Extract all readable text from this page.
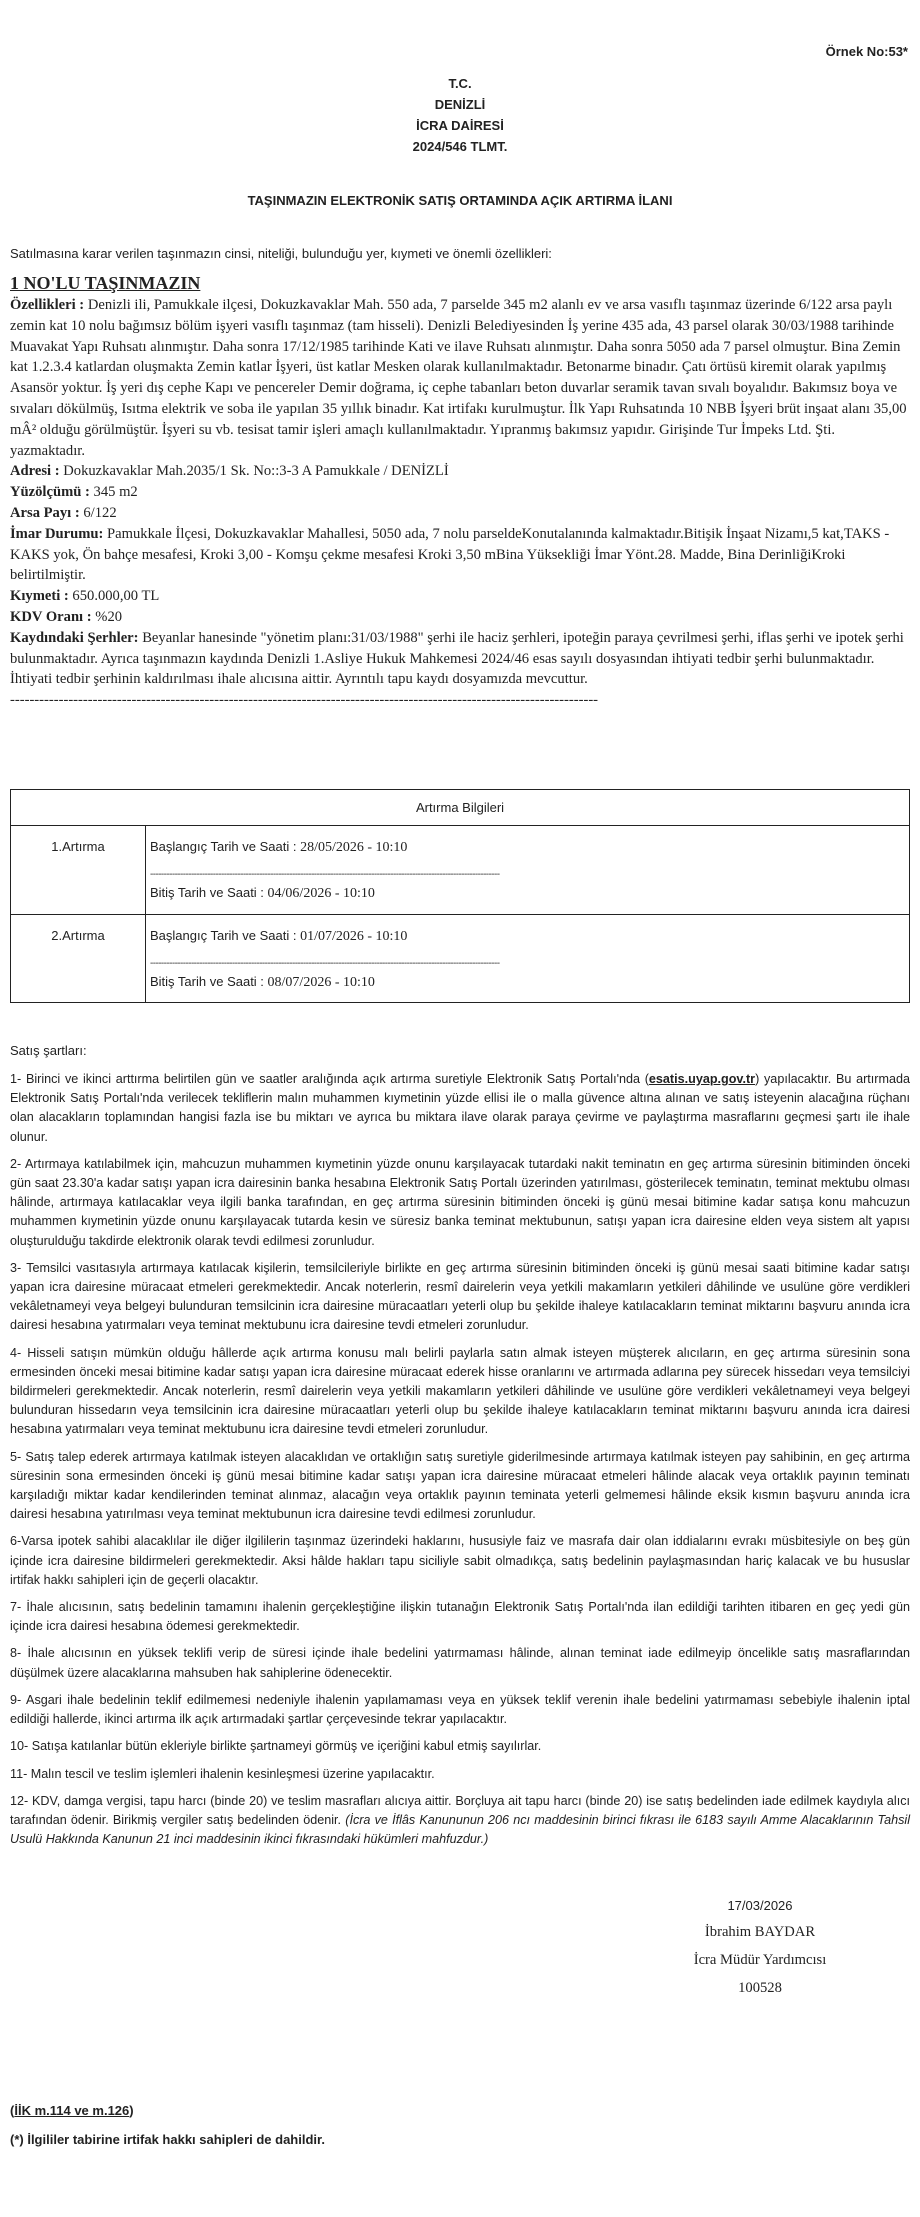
Örnek No:53*
T.C.
DENİZLİ
İCRA DAİRESİ
2024/546 TLMT.
TAŞINMAZIN ELEKTRONİK SATIŞ ORTAMINDA AÇIK ARTIRMA İLANI
Satılmasına karar verilen taşınmazın cinsi, niteliği, bulunduğu yer, kıymeti ve önemli özellikleri:
1 NO'LU TAŞINMAZIN
Özellikleri : Denizli ili, Pamukkale ilçesi, Dokuzkavaklar Mah. 550 ada, 7 parselde 345 m2 alanlı ev ve arsa vasıflı taşınmaz üzerinde 6/122 arsa paylı zemin kat 10 nolu bağımsız bölüm işyeri vasıflı taşınmaz (tam hisseli). Denizli Belediyesinden İş yerine 435 ada, 43 parsel olarak 30/03/1988 tarihinde Muavakat Yapı Ruhsatı alınmıştır. Daha sonra 17/12/1985 tarihinde Kati ve ilave Ruhsatı alınmıştır. Daha sonra 5050 ada 7 parsel olmuştur. Bina Zemin kat 1.2.3.4 katlardan oluşmakta Zemin katlar İşyeri, üst katlar Mesken olarak kullanılmaktadır. Betonarme binadır. Çatı örtüsü kiremit olarak yapılmış Asansör yoktur. İş yeri dış cephe Kapı ve pencereler Demir doğrama, iç cephe tabanları beton duvarlar seramik tavan sıvalı boyalıdır. Bakımsız boya ve sıvaları dökülmüş, Isıtma elektrik ve soba ile yapılan 35 yıllık binadır. Kat irtifakı kurulmuştur. İlk Yapı Ruhsatında 10 NBB İşyeri brüt inşaat alanı 35,00 mÂ² olduğu görülmüştür. İşyeri su vb. tesisat tamir işleri amaçlı kullanılmaktadır. Yıpranmış bakımsız yapıdır. Girişinde Tur İmpeks Ltd. Şti. yazmaktadır.
Adresi : Dokuzkavaklar Mah.2035/1 Sk. No::3-3 A Pamukkale / DENİZLİ
Yüzölçümü : 345 m2
Arsa Payı : 6/122
İmar Durumu: Pamukkale İlçesi, Dokuzkavaklar Mahallesi, 5050 ada, 7 nolu parseldeKonutalanında kalmaktadır.Bitişik İnşaat Nizamı,5 kat,TAKS -KAKS yok, Ön bahçe mesafesi, Kroki 3,00 - Komşu çekme mesafesi Kroki 3,50 mBina Yüksekliği İmar Yönt.28. Madde, Bina DerinliğiKroki belirtilmiştir.
Kıymeti : 650.000,00 TL
KDV Oranı : %20
Kaydındaki Şerhler: Beyanlar hanesinde "yönetim planı:31/03/1988" şerhi ile haciz şerhleri, ipoteğin paraya çevrilmesi şerhi, iflas şerhi ve ipotek şerhi bulunmaktadır. Ayrıca taşınmazın kaydında Denizli 1.Asliye Hukuk Mahkemesi 2024/46 esas sayılı dosyasından ihtiyati tedbir şerhi bulunmaktadır. İhtiyati tedbir şerhinin kaldırılması ihale alıcısına aittir. Ayrıntılı tapu kaydı dosyamızda mevcuttur.
-------------------------------------------------------------------------------------------------------------------------
Artırma Bilgileri
1.Artırma	Başlangıç Tarih ve Saati : 28/05/2026 - 10:10
--------------------------------------------------------------------------------------------------------------------------------
Bitiş Tarih ve Saati : 04/06/2026 - 10:10
2.Artırma	Başlangıç Tarih ve Saati : 01/07/2026 - 10:10
--------------------------------------------------------------------------------------------------------------------------------
Bitiş Tarih ve Saati : 08/07/2026 - 10:10
Satış şartları:

1- Birinci ve ikinci arttırma belirtilen gün ve saatler aralığında açık artırma suretiyle Elektronik Satış Portalı'nda (esatis.uyap.gov.tr) yapılacaktır. Bu artırmada Elektronik Satış Portalı'nda verilecek tekliflerin malın muhammen kıymetinin yüzde ellisi ile o malla güvence altına alınan ve satış isteyenin alacağına rüçhanı olan alacakların toplamından hangisi fazla ise bu miktarı ve ayrıca bu miktara ilave olarak paraya çevirme ve paylaştırma masraflarını geçmesi şartı ile ihale olunur.

2- Artırmaya katılabilmek için, mahcuzun muhammen kıymetinin yüzde onunu karşılayacak tutardaki nakit teminatın en geç artırma süresinin bitiminden önceki gün saat 23.30'a kadar satışı yapan icra dairesinin banka hesabına Elektronik Satış Portalı üzerinden yatırılması, gösterilecek teminatın, teminat mektubu olması hâlinde, artırmaya katılacaklar veya ilgili banka tarafından, en geç artırma süresinin bitiminden önceki iş günü mesai bitimine kadar satışa konu mahcuzun muhammen kıymetinin yüzde onunu karşılayacak tutarda kesin ve süresiz banka teminat mektubunun, satışı yapan icra dairesine elden veya sistem alt yapısı oluşturulduğu takdirde elektronik olarak tevdi edilmesi zorunludur.

3- Temsilci vasıtasıyla artırmaya katılacak kişilerin, temsilcileriyle birlikte en geç artırma süresinin bitiminden önceki iş günü mesai saati bitimine kadar satışı yapan icra dairesine müracaat etmeleri gerekmektedir. Ancak noterlerin, resmî dairelerin veya yetkili makamların yetkileri dâhilinde ve usulüne göre verdikleri vekâletnameyi veya belgeyi bulunduran temsilcinin icra dairesine müracaatları yeterli olup bu şekilde ihaleye katılacakların teminat miktarını başvuru anında icra dairesi hesabına yatırmaları veya teminat mektubunu icra dairesine tevdi etmeleri zorunludur.

4- Hisseli satışın mümkün olduğu hâllerde açık artırma konusu malı belirli paylarla satın almak isteyen müşterek alıcıların, en geç artırma süresinin sona ermesinden önceki mesai bitimine kadar satışı yapan icra dairesine müracaat ederek hisse oranlarını ve artırmada adlarına pey sürecek hissedarı veya temsilciyi bildirmeleri gerekmektedir. Ancak noterlerin, resmî dairelerin veya yetkili makamların yetkileri dâhilinde ve usulüne göre verdikleri vekâletnameyi veya belgeyi bulunduran hissedarın veya temsilcinin icra dairesine müracaatları yeterli olup bu şekilde ihaleye katılacakların teminat miktarını başvuru anında icra dairesi hesabına yatırmaları veya teminat mektubunu icra dairesine tevdi etmeleri zorunludur.

5- Satış talep ederek artırmaya katılmak isteyen alacaklıdan ve ortaklığın satış suretiyle giderilmesinde artırmaya katılmak isteyen pay sahibinin, en geç artırma süresinin sona ermesinden önceki iş günü mesai bitimine kadar satışı yapan icra dairesine müracaat etmeleri hâlinde alacak veya ortaklık payının teminatı karşıladığı miktar kadar kendilerinden teminat alınmaz, alacağın veya ortaklık payının teminata yeterli gelmemesi hâlinde eksik kısmın başvuru anında icra dairesi hesabına yatırılması veya teminat mektubunun icra dairesine tevdi edilmesi zorunludur.

6-Varsa ipotek sahibi alacaklılar ile diğer ilgililerin taşınmaz üzerindeki haklarını, hususiyle faiz ve masrafa dair olan iddialarını evrakı müsbitesiyle on beş gün içinde icra dairesine bildirmeleri gerekmektedir. Aksi hâlde hakları tapu siciliyle sabit olmadıkça, satış bedelinin paylaşmasından hariç kalacak ve bu hususlar irtifak hakkı sahipleri için de geçerli olacaktır.

7- İhale alıcısının, satış bedelinin tamamını ihalenin gerçekleştiğine ilişkin tutanağın Elektronik Satış Portalı'nda ilan edildiği tarihten itibaren en geç yedi gün içinde icra dairesi hesabına ödemesi gerekmektedir.

8- İhale alıcısının en yüksek teklifi verip de süresi içinde ihale bedelini yatırmaması hâlinde, alınan teminat iade edilmeyip öncelikle satış masraflarından düşülmek üzere alacaklarına mahsuben hak sahiplerine ödenecektir.

9- Asgari ihale bedelinin teklif edilmemesi nedeniyle ihalenin yapılamaması veya en yüksek teklif verenin ihale bedelini yatırmaması sebebiyle ihalenin iptal edildiği hallerde, ikinci artırma ilk açık artırmadaki şartlar çerçevesinde tekrar yapılacaktır.

10- Satışa katılanlar bütün ekleriyle birlikte şartnameyi görmüş ve içeriğini kabul etmiş sayılırlar.

11- Malın tescil ve teslim işlemleri ihalenin kesinleşmesi üzerine yapılacaktır.

12- KDV, damga vergisi, tapu harcı (binde 20) ve teslim masrafları alıcıya aittir. Borçluya ait tapu harcı (binde 20) ise satış bedelinden iade edilmek kaydıyla alıcı tarafından ödenir. Birikmiş vergiler satış bedelinden ödenir. (İcra ve İflâs Kanununun 206 ncı maddesinin birinci fıkrası ile 6183 sayılı Amme Alacaklarının Tahsil Usulü Hakkında Kanunun 21 inci maddesinin ikinci fıkrasındaki hükümleri mahfuzdur.)

17/03/2026
İbrahim BAYDAR
İcra Müdür Yardımcısı
100528
(İİK m.114 ve m.126)
(*) İlgililer tabirine irtifak hakkı sahipleri de dahildir.
